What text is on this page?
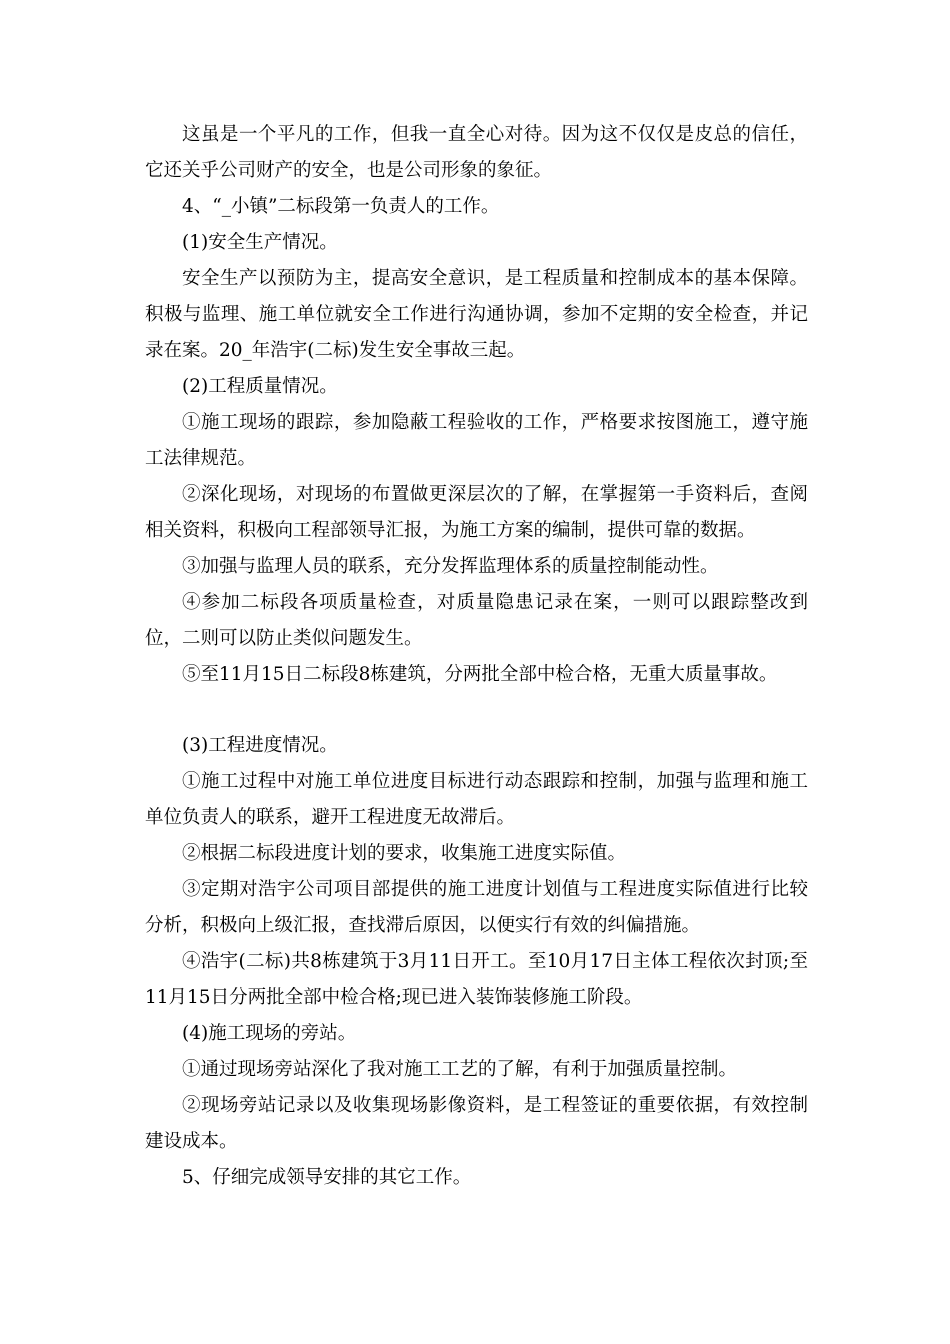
这虽是一个平凡的工作，但我一直全心对待。因为这不仅仅是皮总的信任，它还关乎公司财产的安全，也是公司形象的象征。

4、“_小镇”二标段第一负责人的工作。

(1)安全生产情况。

安全生产以预防为主，提高安全意识，是工程质量和控制成本的基本保障。积极与监理、施工单位就安全工作进行沟通协调，参加不定期的安全检查，并记录在案。20_年浩宇(二标)发生安全事故三起。

(2)工程质量情况。

①施工现场的跟踪，参加隐蔽工程验收的工作，严格要求按图施工，遵守施工法律规范。

②深化现场，对现场的布置做更深层次的了解，在掌握第一手资料后，查阅相关资料，积极向工程部领导汇报，为施工方案的编制，提供可靠的数据。

③加强与监理人员的联系，充分发挥监理体系的质量控制能动性。

④参加二标段各项质量检查，对质量隐患记录在案，一则可以跟踪整改到位，二则可以防止类似问题发生。

⑤至11月15日二标段8栋建筑，分两批全部中检合格，无重大质量事故。

(3)工程进度情况。

①施工过程中对施工单位进度目标进行动态跟踪和控制，加强与监理和施工单位负责人的联系，避开工程进度无故滞后。

②根据二标段进度计划的要求，收集施工进度实际值。

③定期对浩宇公司项目部提供的施工进度计划值与工程进度实际值进行比较分析，积极向上级汇报，查找滞后原因，以便实行有效的纠偏措施。

④浩宇(二标)共8栋建筑于3月11日开工。至10月17日主体工程依次封顶;至11月15日分两批全部中检合格;现已进入装饰装修施工阶段。

(4)施工现场的旁站。

①通过现场旁站深化了我对施工工艺的了解，有利于加强质量控制。

②现场旁站记录以及收集现场影像资料，是工程签证的重要依据，有效控制建设成本。

5、仔细完成领导安排的其它工作。
